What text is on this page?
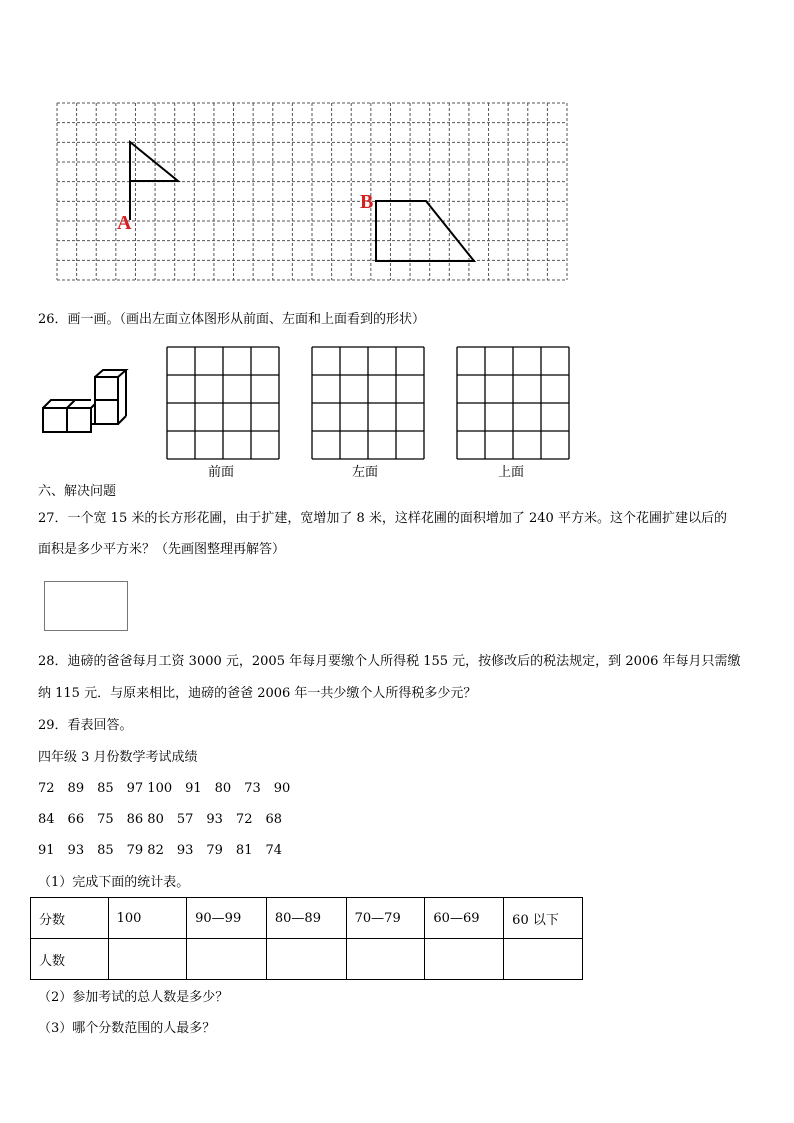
A
B
26．画一画。（画出左面立体图形从前面、左面和上面看到的形状）
前面	左面	上面
六、解决问题
27．一个宽 15 米的长方形花圃，由于扩建，宽增加了 8 米，这样花圃的面积增加了 240 平方米。这个花圃扩建以后的
面积是多少平方米？（先画图整理再解答）
28．迪磅的爸爸每月工资 3000 元，2005 年每月要缴个人所得税 155 元，按修改后的税法规定，到 2006 年每月只需缴
纳 115 元．与原来相比，迪磅的爸爸 2006 年一共少缴个人所得税多少元？
29．看表回答。
四年级 3 月份数学考试成绩
72　89　85　97 100　91　80　73　90
84　66　75　86 80　57　93　72　68
91　93　85　79 82　93　79　81　74
（1）完成下面的统计表。
分数	100	90—99	80—89	70—79	60—69	60 以下
人数						
（2）参加考试的总人数是多少？
（3）哪个分数范围的人最多？
